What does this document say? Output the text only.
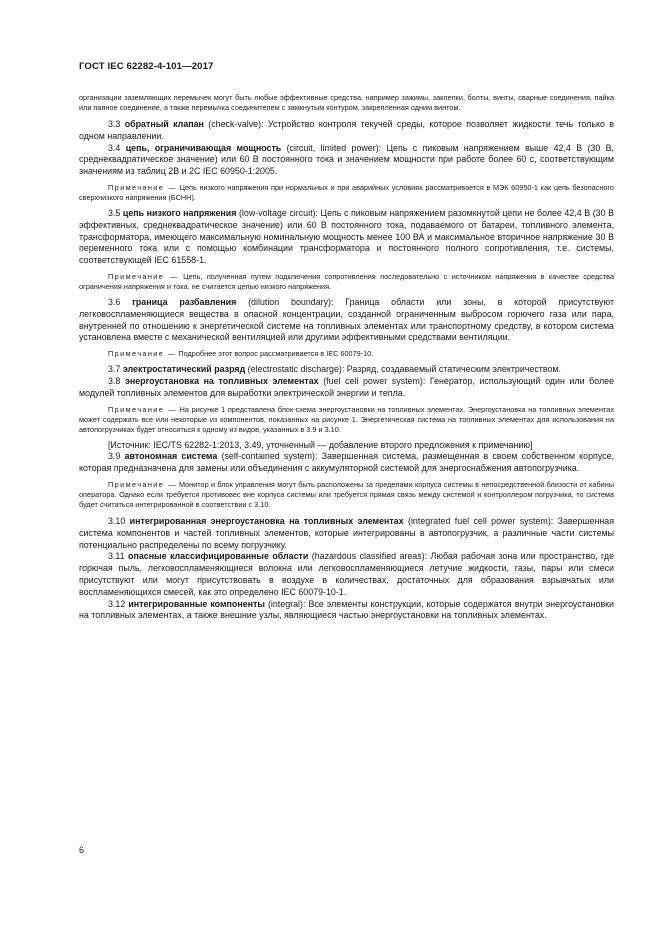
ГОСТ IEC 62282-4-101—2017

организации заземляющих перемычек могут быть любые эффективные средства, например зажимы, заклепки, болты, винты, сварные соединения, пайка или паяное соединение, а также перемычка соединителем с замкнутым контуром, закрепленная одним винтом.

3.3 обратный клапан (check-valve): Устройство контроля текучей среды, которое позволяет жидкости течь только в одном направлении.

3.4 цепь, ограничивающая мощность (circuit, limited power): Цепь с пиковым напряжением выше 42,4 В (30 В, среднеквадратическое значение) или 60 В постоянного тока и значением мощности при работе более 60 с, соответствующим значениям из таблиц 2В и 2С IEC 60950-1:2005.

Примечание — Цепь низкого напряжения при нормальных и при аварийных условиях рассматривается в МЭК 60950-1 как цепь безопасного сверхнизкого напряжения (БСНН).

3.5 цепь низкого напряжения (low-voltage circuit): Цепь с пиковым напряжением разомкнутой цепи не более 42,4 В (30 В эффективных, среднеквадратическое значение) или 60 В постоянного тока, подаваемого от батареи, топливного элемента, трансформатора, имеющего максимальную номинальную мощность менее 100 ВА и максимальное вторичное напряжение 30 В переменного тока или с помощью комбинации трансформатора и постоянного полного сопротивления, т.е. системы, соответствующей IEC 61558-1.

Примечание — Цепь, полученная путем подключения сопротивления последовательно с источником напряжения в качестве средства ограничения напряжения и тока, не считается цепью низкого напряжения.

3.6 граница разбавления (dilution boundary): Граница области или зоны, в которой присутствуют легковоспламеняющиеся вещества в опасной концентрации, созданной ограниченным выбросом горючего газа или пара, внутренней по отношению к энергетической системе на топливных элементах или транспортному средству, в котором система установлена вместе с механической вентиляцией или другими эффективными средствами вентиляции.

Примечание — Подробнее этот вопрос рассматривается в IEC 60079-10.

3.7 электростатический разряд (electrostatic discharge): Разряд, создаваемый статическим электричеством.

3.8 энергоустановка на топливных элементах (fuel cell power system): Генератор, использующий один или более модулей топливных элементов для выработки электрической энергии и тепла.

Примечание — На рисунке 1 представлена блок-схема энергоустановки на топливных элементах. Энергоустановка на топливных элементах может содержать все или некоторые из компонентов, показанных на рисунке 1. Энергетическая система на топливных элементах для использования на автопогрузчиках будет относиться к одному из видов, указанных в 3.9 и 3.10.

[Источник: IEC/TS 62282-1:2013, 3.49, уточненный — добавление второго предложения к примечанию]

3.9 автономная система (self-contained system): Завершенная система, размещенная в своем собственном корпусе, которая предназначена для замены или объединения с аккумуляторной системой для энергоснабжения автопогрузчика.

Примечание — Монитор и блок управления могут быть расположены за пределами корпуса системы в непосредственной близости от кабины оператора. Однако если требуется противовес вне корпуса системы или требуется прямая связь между системой и контроллером погрузчика, то система будет считаться интегрированной в соответствии с 3.10.

3.10 интегрированная энергоустановка на топливных элементах (integrated fuel cell power system): Завершенная система компонентов и частей топливных элементов, которые интегрированы в автопогрузчик, а различные части системы потенциально распределены по всему погрузчику.

3.11 опасные классифицированные области (hazardous classified areas): Любая рабочая зона или пространство, где горючая пыль, легковоспламеняющиеся волокна или легковоспламеняющиеся летучие жидкости, газы, пары или смеси присутствуют или могут присутствовать в воздухе в количествах, достаточных для образования взрывчатых или воспламеняющихся смесей, как это определено IEC 60079-10-1.

3.12 интегрированные компоненты (integral): Все элементы конструкции, которые содержатся внутри энергоустановки на топливных элементах, а также внешние узлы, являющиеся частью энергоустановки на топливных элементах.

6
